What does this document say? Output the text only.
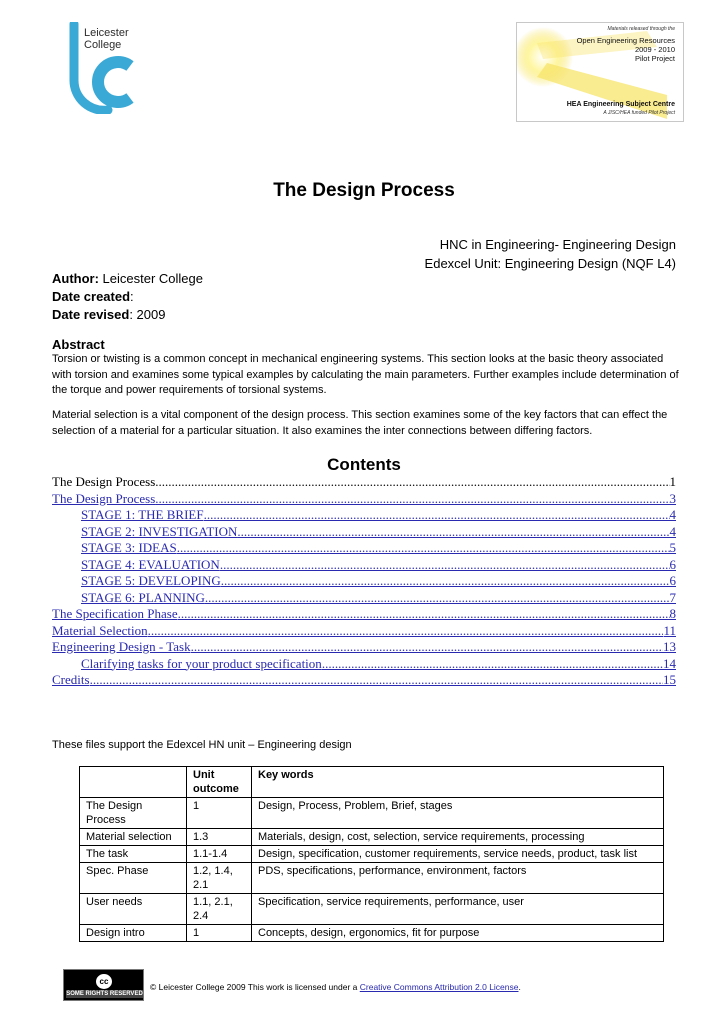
Leicester
College
Materials released through the
Open Engineering Resources
2009 - 2010
Pilot Project
HEA Engineering Subject Centre
A JISC/HEA funded Pilot Project
The Design Process
HNC in Engineering- Engineering Design
Edexcel Unit: Engineering Design (NQF L4)
Author: Leicester College
Date created:
Date revised: 2009
Abstract
Torsion or twisting is a common concept in mechanical engineering systems. This section looks at the basic theory associated with torsion and examines some typical examples by calculating the main parameters. Further examples include determination of the torque and power requirements of torsional systems.
Material selection is a vital component of the design process. This section examines some of the key factors that can effect the selection of a material for a particular situation. It also examines the inter connections between differing factors.
Contents
The Design Process .....	1
The Design Process .....	3
STAGE 1: THE BRIEF .....	4
STAGE 2: INVESTIGATION .....	4
STAGE 3: IDEAS .....	5
STAGE 4: EVALUATION .....	6
STAGE 5: DEVELOPING .....	6
STAGE 6: PLANNING .....	7
The Specification Phase .....	8
Material Selection .....	11
Engineering Design - Task .....	13
Clarifying tasks for your product specification .....	14
Credits .....	15
These files support the Edexcel HN unit – Engineering design
	Unit outcome	Key words
The Design Process	1	Design, Process, Problem, Brief, stages
Material selection	1.3	Materials, design, cost, selection, service requirements, processing
The task	1.1-1.4	Design, specification, customer requirements, service needs, product, task list
Spec. Phase	1.2, 1.4, 2.1	PDS, specifications, performance, environment, factors
User needs	1.1, 2.1, 2.4	Specification, service requirements, performance, user
Design intro	1	Concepts, design, ergonomics, fit for purpose
cc
SOME RIGHTS RESERVED
© Leicester College 2009 This work is licensed under a Creative Commons Attribution 2.0 License.
